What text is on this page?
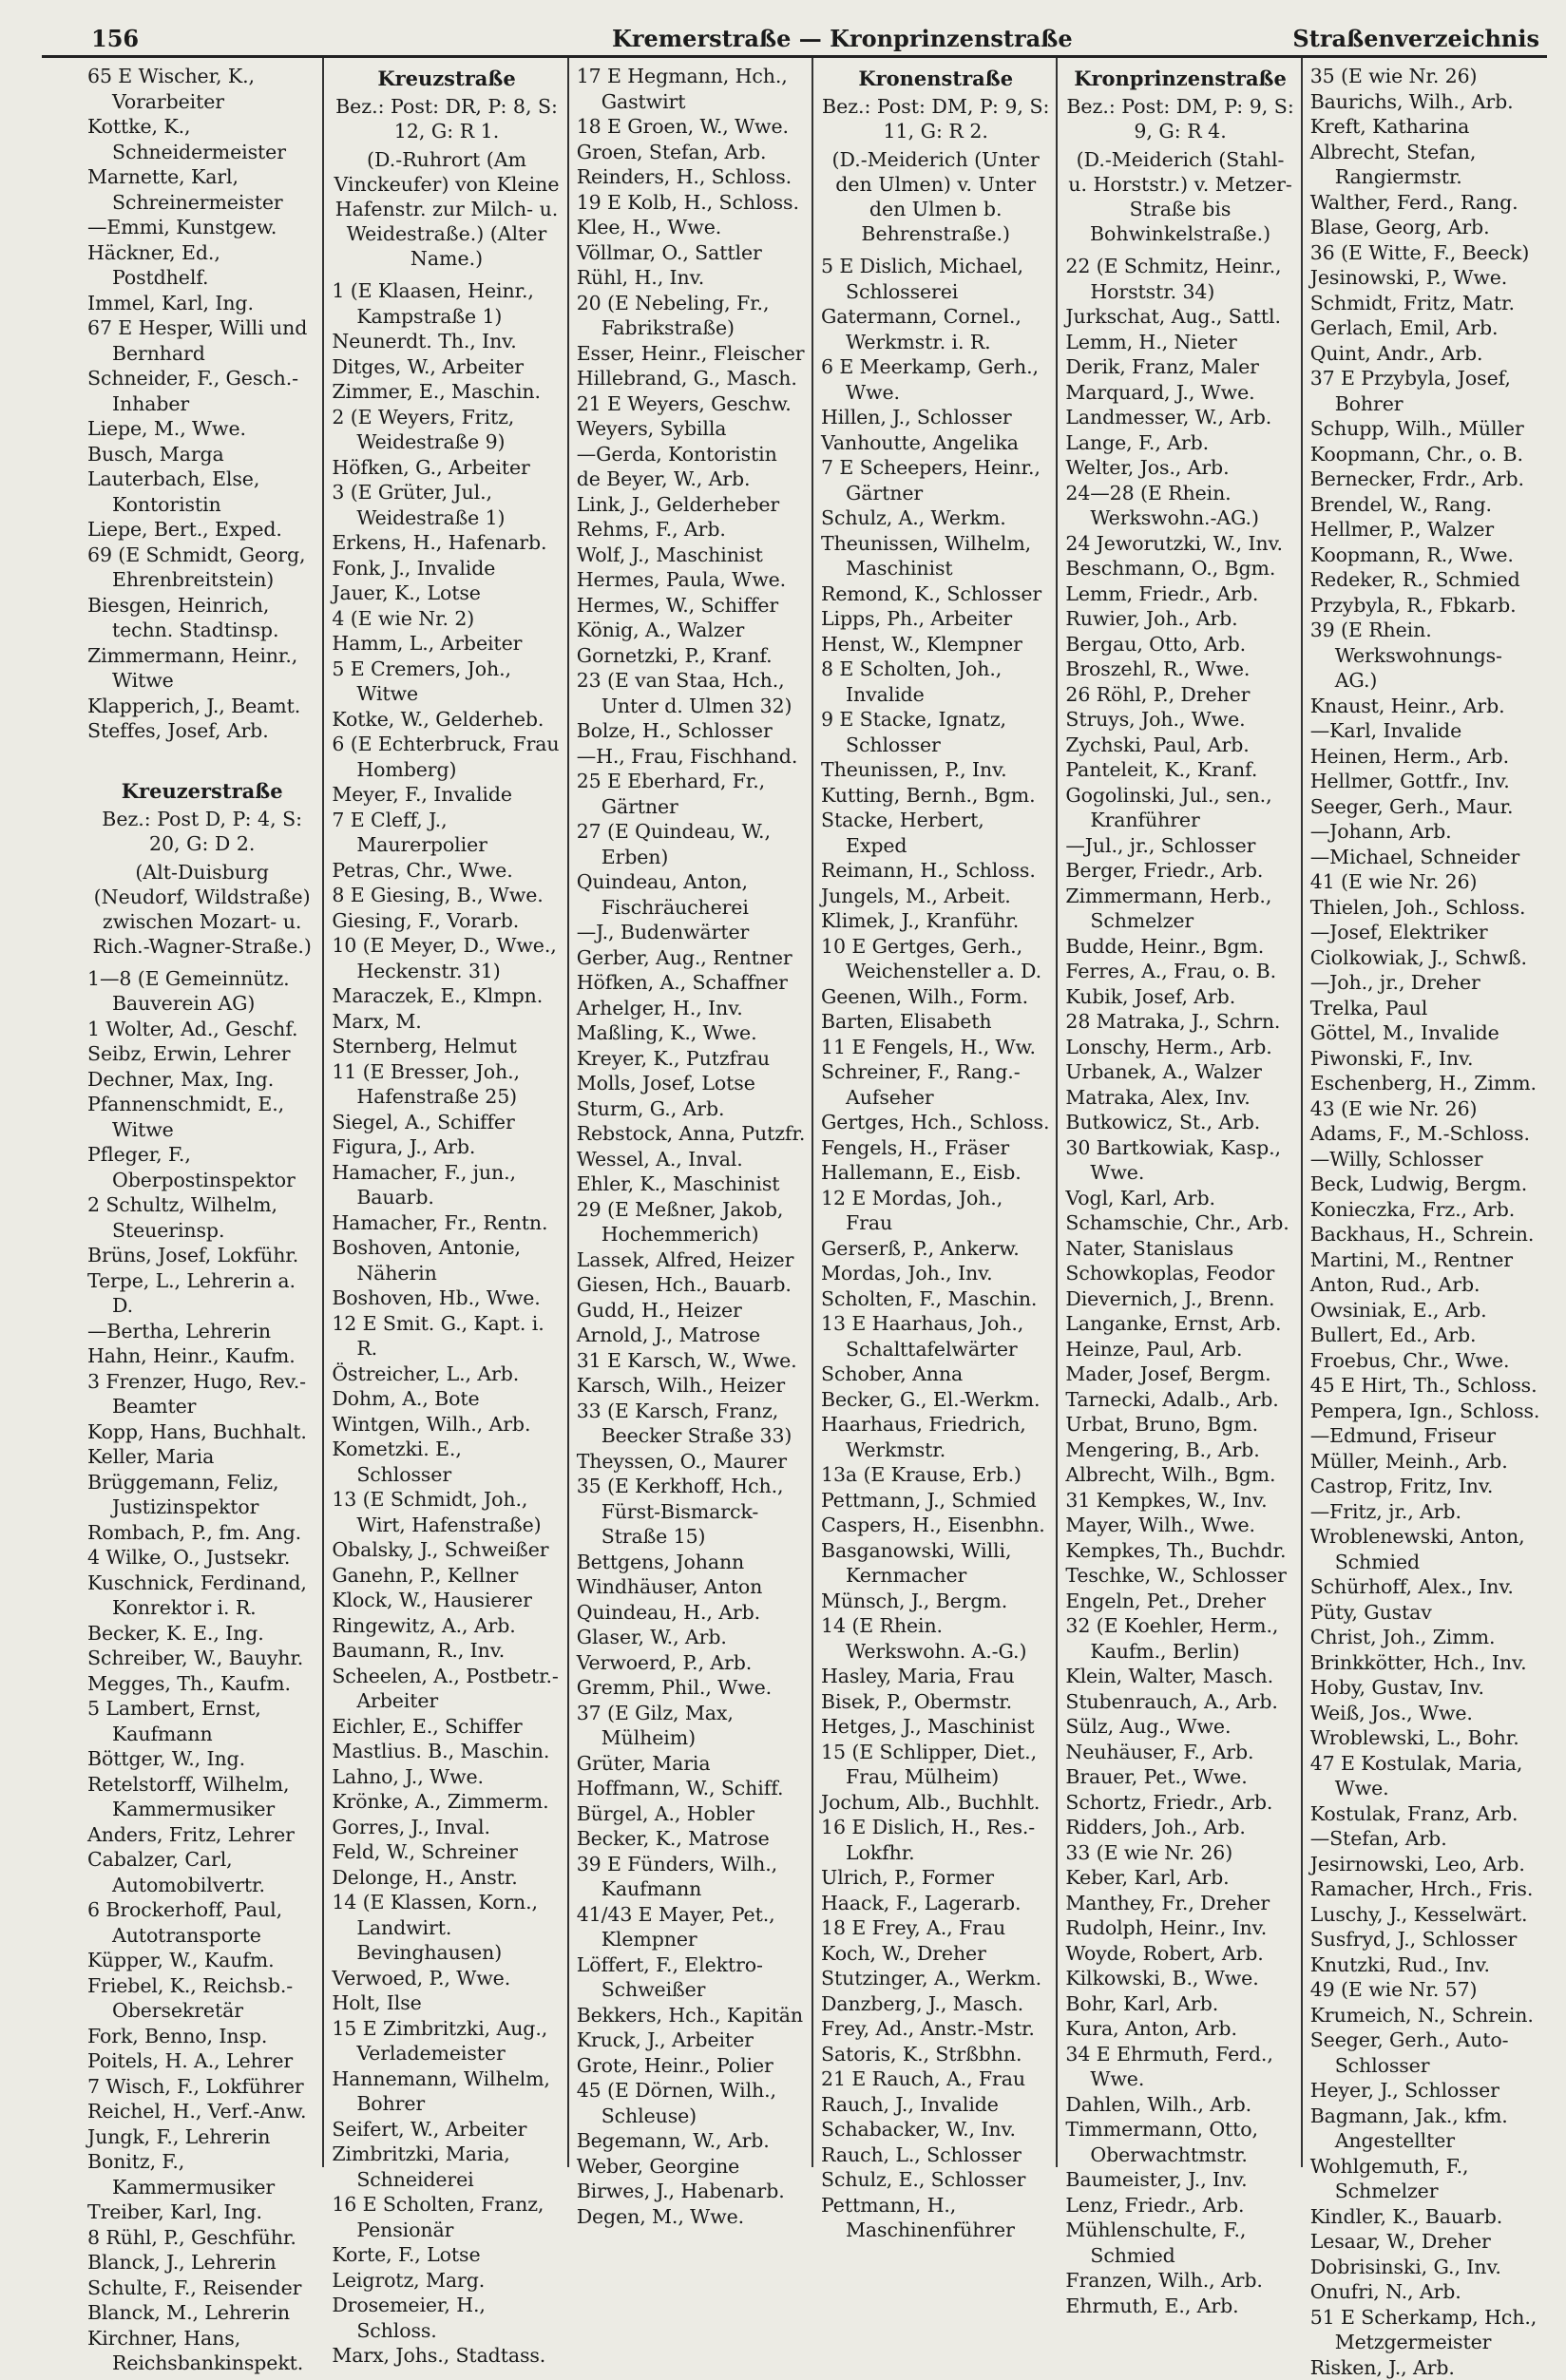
156	Kremerstraße — Kronprinzenstraße	Straßenverzeichnis
65 E Wischer, K., Vorarbeiter
Kottke, K., Schneidermeister
Marnette, Karl, Schreinermeister
—Emmi, Kunstgew.
Häckner, Ed., Postdhelf.
Immel, Karl, Ing.
67 E Hesper, Willi und Bernhard
Schneider, F., Gesch.-Inhaber
Liepe, M., Wwe.
Busch, Marga
Lauterbach, Else, Kontoristin
Liepe, Bert., Exped.
69 (E Schmidt, Georg, Ehrenbreitstein)
Biesgen, Heinrich, techn. Stadtinsp.
Zimmermann, Heinr., Witwe
Klapperich, J., Beamt.
Steffes, Josef, Arb.
Kreuzerstraße
Bez.: Post D, P: 4, S: 20, G: D 2.
(Alt-Duisburg (Neudorf, Wildstraße) zwischen Mozart- u. Rich.-Wagner-Straße.)
1—8 (E Gemeinnütz. Bauverein AG)
1 Wolter, Ad., Geschf.
Seibz, Erwin, Lehrer
Dechner, Max, Ing.
Pfannenschmidt, E., Witwe
Pfleger, F., Oberpostinspektor
2 Schultz, Wilhelm, Steuerinsp.
Brüns, Josef, Lokführ.
Terpe, L., Lehrerin a. D.
—Bertha, Lehrerin
Hahn, Heinr., Kaufm.
3 Frenzer, Hugo, Rev.-Beamter
Kopp, Hans, Buchhalt.
Keller, Maria
Brüggemann, Feliz, Justizinspektor
Rombach, P., fm. Ang.
4 Wilke, O., Justsekr.
Kuschnick, Ferdinand, Konrektor i. R.
Becker, K. E., Ing.
Schreiber, W., Bauyhr.
Megges, Th., Kaufm.
5 Lambert, Ernst, Kaufmann
Böttger, W., Ing.
Retelstorff, Wilhelm, Kammermusiker
Anders, Fritz, Lehrer
Cabalzer, Carl, Automobilvertr.
6 Brockerhoff, Paul, Autotransporte
Küpper, W., Kaufm.
Friebel, K., Reichsb.-Obersekretär
Fork, Benno, Insp.
Poitels, H. A., Lehrer
7 Wisch, F., Lokführer
Reichel, H., Verf.-Anw.
Jungk, F., Lehrerin
Bonitz, F., Kammermusiker
Treiber, Karl, Ing.
8 Rühl, P., Geschführ.
Blanck, J., Lehrerin
Schulte, F., Reisender
Blanck, M., Lehrerin
Kirchner, Hans, Reichsbankinspekt.
Kreuzstraße
Bez.: Post: DR, P: 8, S: 12, G: R 1.
(D.-Ruhrort (Am Vinckeufer) von Kleine Hafenstr. zur Milch- u. Weidestraße.) (Alter Name.)
1 (E Klaasen, Heinr., Kampstraße 1)
Neunerdt. Th., Inv.
Ditges, W., Arbeiter
Zimmer, E., Maschin.
2 (E Weyers, Fritz, Weidestraße 9)
Höfken, G., Arbeiter
3 (E Grüter, Jul., Weidestraße 1)
Erkens, H., Hafenarb.
Fonk, J., Invalide
Jauer, K., Lotse
4 (E wie Nr. 2)
Hamm, L., Arbeiter
5 E Cremers, Joh., Witwe
Kotke, W., Gelderheb.
6 (E Echterbruck, Frau Homberg)
Meyer, F., Invalide
7 E Cleff, J., Maurerpolier
Petras, Chr., Wwe.
8 E Giesing, B., Wwe.
Giesing, F., Vorarb.
10 (E Meyer, D., Wwe., Heckenstr. 31)
Maraczek, E., Klmpn.
Marx, M.
Sternberg, Helmut
11 (E Bresser, Joh., Hafenstraße 25)
Siegel, A., Schiffer
Figura, J., Arb.
Hamacher, F., jun., Bauarb.
Hamacher, Fr., Rentn.
Boshoven, Antonie, Näherin
Boshoven, Hb., Wwe.
12 E Smit. G., Kapt. i. R.
Östreicher, L., Arb.
Dohm, A., Bote
Wintgen, Wilh., Arb.
Kometzki. E., Schlosser
13 (E Schmidt, Joh., Wirt, Hafenstraße)
Obalsky, J., Schweißer
Ganehn, P., Kellner
Klock, W., Hausierer
Ringewitz, A., Arb.
Baumann, R., Inv.
Scheelen, A., Postbetr.-Arbeiter
Eichler, E., Schiffer
Mastlius. B., Maschin.
Lahno, J., Wwe.
Krönke, A., Zimmerm.
Gorres, J., Inval.
Feld, W., Schreiner
Delonge, H., Anstr.
14 (E Klassen, Korn., Landwirt. Bevinghausen)
Verwoed, P., Wwe.
Holt, Ilse
15 E Zimbritzki, Aug., Verlademeister
Hannemann, Wilhelm, Bohrer
Seifert, W., Arbeiter
Zimbritzki, Maria, Schneiderei
16 E Scholten, Franz, Pensionär
Korte, F., Lotse
Leigrotz, Marg.
Drosemeier, H., Schloss.
Marx, Johs., Stadtass.
17 E Hegmann, Hch., Gastwirt
18 E Groen, W., Wwe.
Groen, Stefan, Arb.
Reinders, H., Schloss.
19 E Kolb, H., Schloss.
Klee, H., Wwe.
Völlmar, O., Sattler
Rühl, H., Inv.
20 (E Nebeling, Fr., Fabrikstraße)
Esser, Heinr., Fleischer
Hillebrand, G., Masch.
21 E Weyers, Geschw.
Weyers, Sybilla
—Gerda, Kontoristin
de Beyer, W., Arb.
Link, J., Gelderheber
Rehms, F., Arb.
Wolf, J., Maschinist
Hermes, Paula, Wwe.
Hermes, W., Schiffer
König, A., Walzer
Gornetzki, P., Kranf.
23 (E van Staa, Hch., Unter d. Ulmen 32)
Bolze, H., Schlosser
—H., Frau, Fischhand.
25 E Eberhard, Fr., Gärtner
27 (E Quindeau, W., Erben)
Quindeau, Anton, Fischräucherei
—J., Budenwärter
Gerber, Aug., Rentner
Höfken, A., Schaffner
Arhelger, H., Inv.
Maßling, K., Wwe.
Kreyer, K., Putzfrau
Molls, Josef, Lotse
Sturm, G., Arb.
Rebstock, Anna, Putzfr.
Wessel, A., Inval.
Ehler, K., Maschinist
29 (E Meßner, Jakob, Hochemmerich)
Lassek, Alfred, Heizer
Giesen, Hch., Bauarb.
Gudd, H., Heizer
Arnold, J., Matrose
31 E Karsch, W., Wwe.
Karsch, Wilh., Heizer
33 (E Karsch, Franz, Beecker Straße 33)
Theyssen, O., Maurer
35 (E Kerkhoff, Hch., Fürst-Bismarck-Straße 15)
Bettgens, Johann
Windhäuser, Anton
Quindeau, H., Arb.
Glaser, W., Arb.
Verwoerd, P., Arb.
Gremm, Phil., Wwe.
37 (E Gilz, Max, Mülheim)
Grüter, Maria
Hoffmann, W., Schiff.
Bürgel, A., Hobler
Becker, K., Matrose
39 E Fünders, Wilh., Kaufmann
41/43 E Mayer, Pet., Klempner
Löffert, F., Elektro-Schweißer
Bekkers, Hch., Kapitän
Kruck, J., Arbeiter
Grote, Heinr., Polier
45 (E Dörnen, Wilh., Schleuse)
Begemann, W., Arb.
Weber, Georgine
Birwes, J., Habenarb.
Degen, M., Wwe.
Kronenstraße
Bez.: Post: DM, P: 9, S: 11, G: R 2.
(D.-Meiderich (Unter den Ulmen) v. Unter den Ulmen b. Behrenstraße.)
5 E Dislich, Michael, Schlosserei
Gatermann, Cornel., Werkmstr. i. R.
6 E Meerkamp, Gerh., Wwe.
Hillen, J., Schlosser
Vanhoutte, Angelika
7 E Scheepers, Heinr., Gärtner
Schulz, A., Werkm.
Theunissen, Wilhelm, Maschinist
Remond, K., Schlosser
Lipps, Ph., Arbeiter
Henst, W., Klempner
8 E Scholten, Joh., Invalide
9 E Stacke, Ignatz, Schlosser
Theunissen, P., Inv.
Kutting, Bernh., Bgm.
Stacke, Herbert, Exped
Reimann, H., Schloss.
Jungels, M., Arbeit.
Klimek, J., Kranführ.
10 E Gertges, Gerh., Weichensteller a. D.
Geenen, Wilh., Form.
Barten, Elisabeth
11 E Fengels, H., Ww.
Schreiner, F., Rang.-Aufseher
Gertges, Hch., Schloss.
Fengels, H., Fräser
Hallemann, E., Eisb.
12 E Mordas, Joh., Frau
Gerserß, P., Ankerw.
Mordas, Joh., Inv.
Scholten, F., Maschin.
13 E Haarhaus, Joh., Schalttafelwärter
Schober, Anna
Becker, G., El.-Werkm.
Haarhaus, Friedrich, Werkmstr.
13a (E Krause, Erb.)
Pettmann, J., Schmied
Caspers, H., Eisenbhn.
Basganowski, Willi, Kernmacher
Münsch, J., Bergm.
14 (E Rhein. Werkswohn. A.-G.)
Hasley, Maria, Frau
Bisek, P., Obermstr.
Hetges, J., Maschinist
15 (E Schlipper, Diet., Frau, Mülheim)
Jochum, Alb., Buchhlt.
16 E Dislich, H., Res.-Lokfhr.
Ulrich, P., Former
Haack, F., Lagerarb.
18 E Frey, A., Frau
Koch, W., Dreher
Stutzinger, A., Werkm.
Danzberg, J., Masch.
Frey, Ad., Anstr.-Mstr.
Satoris, K., Strßbhn.
21 E Rauch, A., Frau
Rauch, J., Invalide
Schabacker, W., Inv.
Rauch, L., Schlosser
Schulz, E., Schlosser
Pettmann, H., Maschinenführer
Kronprinzenstraße
Bez.: Post: DM, P: 9, S: 9, G: R 4.
(D.-Meiderich (Stahl- u. Horststr.) v. Metzer-Straße bis Bohwinkelstraße.)
22 (E Schmitz, Heinr., Horststr. 34)
Jurkschat, Aug., Sattl.
Lemm, H., Nieter
Derik, Franz, Maler
Marquard, J., Wwe.
Landmesser, W., Arb.
Lange, F., Arb.
Welter, Jos., Arb.
24—28 (E Rhein. Werkswohn.-AG.)
24 Jeworutzki, W., Inv.
Beschmann, O., Bgm.
Lemm, Friedr., Arb.
Ruwier, Joh., Arb.
Bergau, Otto, Arb.
Broszehl, R., Wwe.
26 Röhl, P., Dreher
Struys, Joh., Wwe.
Zychski, Paul, Arb.
Panteleit, K., Kranf.
Gogolinski, Jul., sen., Kranführer
—Jul., jr., Schlosser
Berger, Friedr., Arb.
Zimmermann, Herb., Schmelzer
Budde, Heinr., Bgm.
Ferres, A., Frau, o. B.
Kubik, Josef, Arb.
28 Matraka, J., Schrn.
Lonschy, Herm., Arb.
Urbanek, A., Walzer
Matraka, Alex, Inv.
Butkowicz, St., Arb.
30 Bartkowiak, Kasp., Wwe.
Vogl, Karl, Arb.
Schamschie, Chr., Arb.
Nater, Stanislaus
Schowkoplas, Feodor
Dievernich, J., Brenn.
Langanke, Ernst, Arb.
Heinze, Paul, Arb.
Mader, Josef, Bergm.
Tarnecki, Adalb., Arb.
Urbat, Bruno, Bgm.
Mengering, B., Arb.
Albrecht, Wilh., Bgm.
31 Kempkes, W., Inv.
Mayer, Wilh., Wwe.
Kempkes, Th., Buchdr.
Teschke, W., Schlosser
Engeln, Pet., Dreher
32 (E Koehler, Herm., Kaufm., Berlin)
Klein, Walter, Masch.
Stubenrauch, A., Arb.
Sülz, Aug., Wwe.
Neuhäuser, F., Arb.
Brauer, Pet., Wwe.
Schortz, Friedr., Arb.
Ridders, Joh., Arb.
33 (E wie Nr. 26)
Keber, Karl, Arb.
Manthey, Fr., Dreher
Rudolph, Heinr., Inv.
Woyde, Robert, Arb.
Kilkowski, B., Wwe.
Bohr, Karl, Arb.
Kura, Anton, Arb.
34 E Ehrmuth, Ferd., Wwe.
Dahlen, Wilh., Arb.
Timmermann, Otto, Oberwachtmstr.
Baumeister, J., Inv.
Lenz, Friedr., Arb.
Mühlenschulte, F., Schmied
Franzen, Wilh., Arb.
Ehrmuth, E., Arb.
35 (E wie Nr. 26)
Baurichs, Wilh., Arb.
Kreft, Katharina
Albrecht, Stefan, Rangiermstr.
Walther, Ferd., Rang.
Blase, Georg, Arb.
36 (E Witte, F., Beeck)
Jesinowski, P., Wwe.
Schmidt, Fritz, Matr.
Gerlach, Emil, Arb.
Quint, Andr., Arb.
37 E Przybyla, Josef, Bohrer
Schupp, Wilh., Müller
Koopmann, Chr., o. B.
Bernecker, Frdr., Arb.
Brendel, W., Rang.
Hellmer, P., Walzer
Koopmann, R., Wwe.
Redeker, R., Schmied
Przybyla, R., Fbkarb.
39 (E Rhein. Werkswohnungs-AG.)
Knaust, Heinr., Arb.
—Karl, Invalide
Heinen, Herm., Arb.
Hellmer, Gottfr., Inv.
Seeger, Gerh., Maur.
—Johann, Arb.
—Michael, Schneider
41 (E wie Nr. 26)
Thielen, Joh., Schloss.
—Josef, Elektriker
Ciolkowiak, J., Schwß.
—Joh., jr., Dreher
Trelka, Paul
Göttel, M., Invalide
Piwonski, F., Inv.
Eschenberg, H., Zimm.
43 (E wie Nr. 26)
Adams, F., M.-Schloss.
—Willy, Schlosser
Beck, Ludwig, Bergm.
Konieczka, Frz., Arb.
Backhaus, H., Schrein.
Martini, M., Rentner
Anton, Rud., Arb.
Owsiniak, E., Arb.
Bullert, Ed., Arb.
Froebus, Chr., Wwe.
45 E Hirt, Th., Schloss.
Pempera, Ign., Schloss.
—Edmund, Friseur
Müller, Meinh., Arb.
Castrop, Fritz, Inv.
—Fritz, jr., Arb.
Wroblenewski, Anton, Schmied
Schürhoff, Alex., Inv.
Püty, Gustav
Christ, Joh., Zimm.
Brinkkötter, Hch., Inv.
Hoby, Gustav, Inv.
Weiß, Jos., Wwe.
Wroblewski, L., Bohr.
47 E Kostulak, Maria, Wwe.
Kostulak, Franz, Arb.
—Stefan, Arb.
Jesirnowski, Leo, Arb.
Ramacher, Hrch., Fris.
Luschy, J., Kesselwärt.
Susfryd, J., Schlosser
Knutzki, Rud., Inv.
49 (E wie Nr. 57)
Krumeich, N., Schrein.
Seeger, Gerh., Auto-Schlosser
Heyer, J., Schlosser
Bagmann, Jak., kfm. Angestellter
Wohlgemuth, F., Schmelzer
Kindler, K., Bauarb.
Lesaar, W., Dreher
Dobrisinski, G., Inv.
Onufri, N., Arb.
51 E Scherkamp, Hch., Metzgermeister
Risken, J., Arb.
